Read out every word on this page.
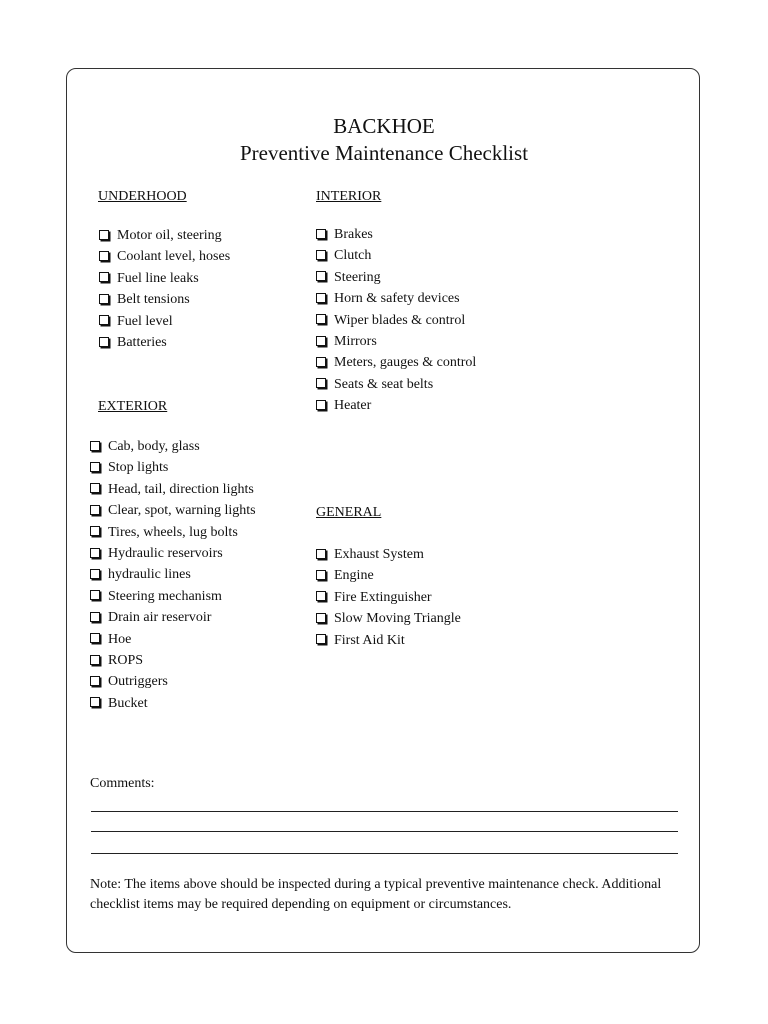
BACKHOE
Preventive Maintenance Checklist
UNDERHOOD
Motor oil, steering
Coolant level, hoses
Fuel line leaks
Belt tensions
Fuel level
Batteries
INTERIOR
Brakes
Clutch
Steering
Horn & safety devices
Wiper blades & control
Mirrors
Meters, gauges & control
Seats & seat belts
Heater
EXTERIOR
Cab, body, glass
Stop lights
Head, tail, direction lights
Clear, spot, warning lights
Tires, wheels, lug bolts
Hydraulic reservoirs
hydraulic lines
Steering mechanism
Drain air reservoir
Hoe
ROPS
Outriggers
Bucket
GENERAL
Exhaust System
Engine
Fire Extinguisher
Slow Moving Triangle
First Aid Kit
Comments:
Note: The items above should be inspected during a typical preventive maintenance check. Additional checklist items may be required depending on equipment or circumstances.
